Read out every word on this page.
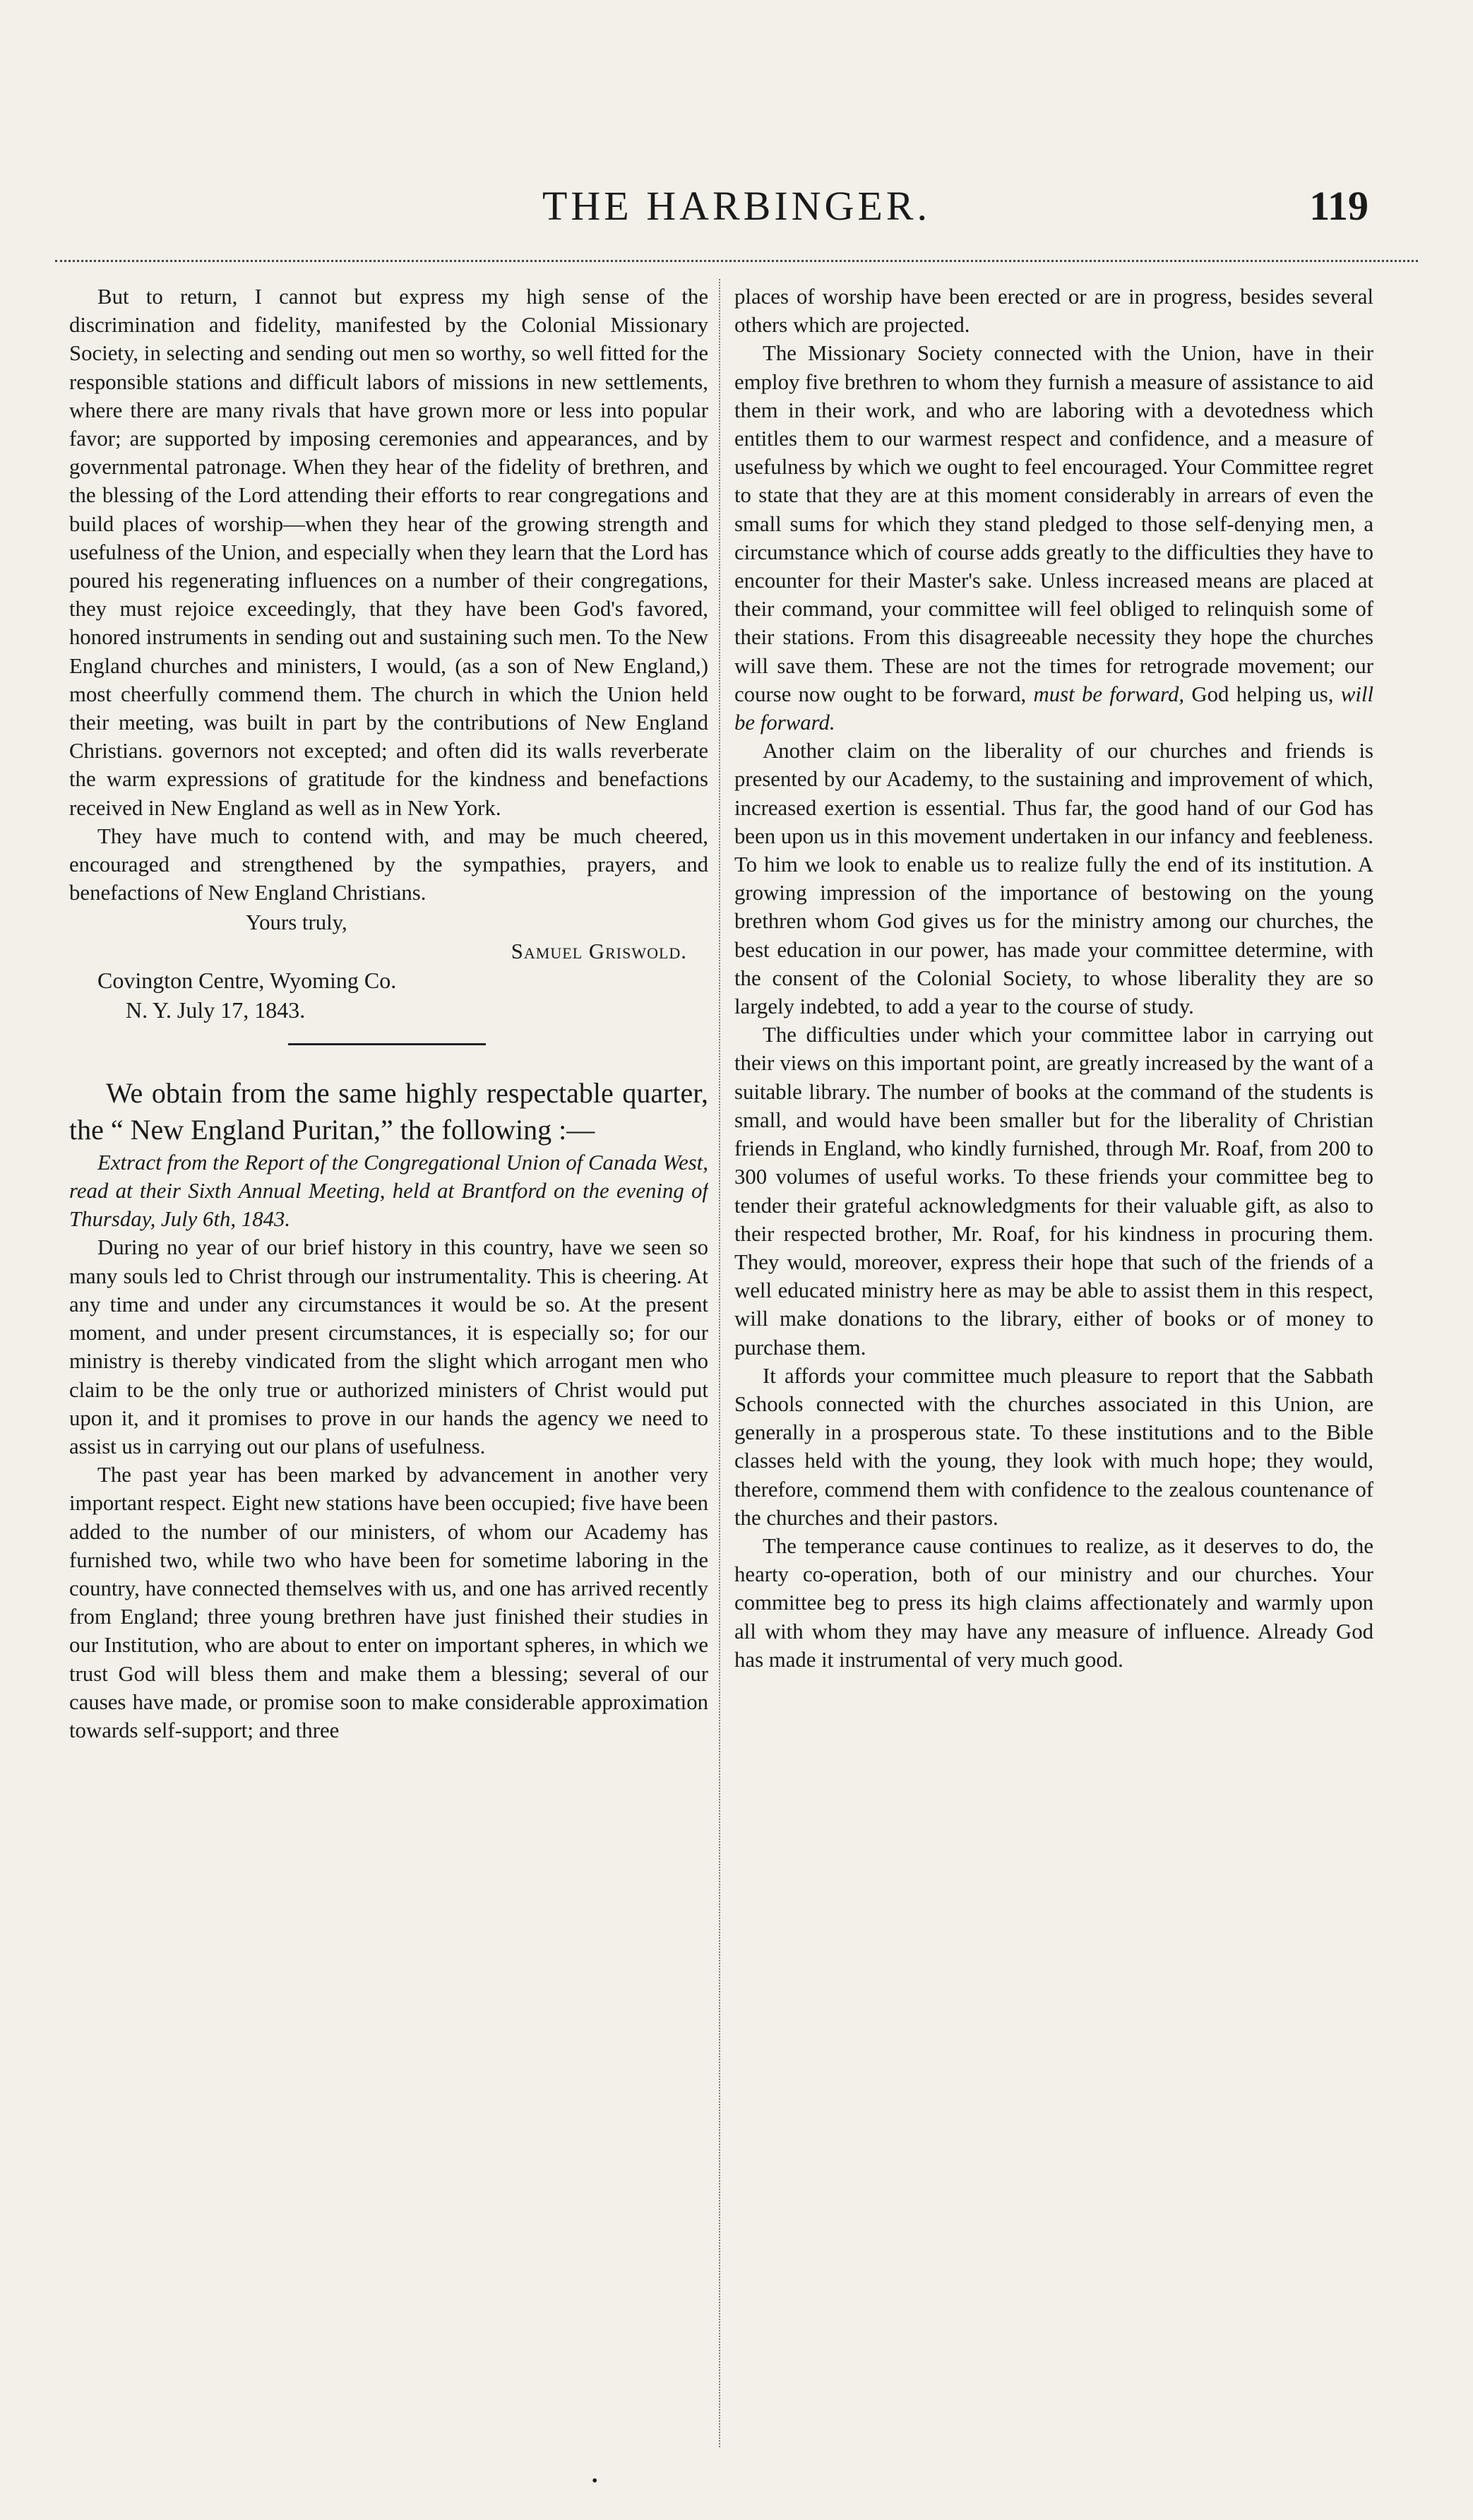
THE HARBINGER.	119

But to return, I cannot but express my high sense of the discrimination and fidelity, manifested by the Colonial Missionary Society, in selecting and sending out men so worthy, so well fitted for the responsible stations and difficult labors of missions in new settlements, where there are many rivals that have grown more or less into popular favor; are supported by imposing ceremonies and appearances, and by governmental patronage. When they hear of the fidelity of brethren, and the blessing of the Lord attending their efforts to rear congregations and build places of worship—when they hear of the growing strength and usefulness of the Union, and especially when they learn that the Lord has poured his regenerating influences on a number of their congregations, they must rejoice exceedingly, that they have been God's favored, honored instruments in sending out and sustaining such men. To the New England churches and ministers, I would, (as a son of New England,) most cheerfully commend them. The church in which the Union held their meeting, was built in part by the contributions of New England Christians. governors not excepted; and often did its walls reverberate the warm expressions of gratitude for the kindness and benefactions received in New England as well as in New York.

They have much to contend with, and may be much cheered, encouraged and strengthened by the sympathies, prayers, and benefactions of New England Christians.

Yours truly,

Samuel Griswold.

Covington Centre, Wyoming Co.

N. Y. July 17, 1843.

We obtain from the same highly respectable quarter, the “ New England Puritan,” the following :—

Extract from the Report of the Congregational Union of Canada West, read at their Sixth Annual Meeting, held at Brantford on the evening of Thursday, July 6th, 1843.

During no year of our brief history in this country, have we seen so many souls led to Christ through our instrumentality. This is cheering. At any time and under any circumstances it would be so. At the present moment, and under present circumstances, it is especially so; for our ministry is thereby vindicated from the slight which arrogant men who claim to be the only true or authorized ministers of Christ would put upon it, and it promises to prove in our hands the agency we need to assist us in carrying out our plans of usefulness.

The past year has been marked by advancement in another very important respect. Eight new stations have been occupied; five have been added to the number of our ministers, of whom our Academy has furnished two, while two who have been for sometime laboring in the country, have connected themselves with us, and one has arrived recently from England; three young brethren have just finished their studies in our Institution, who are about to enter on important spheres, in which we trust God will bless them and make them a blessing; several of our causes have made, or promise soon to make considerable approximation towards self-support; and three

places of worship have been erected or are in progress, besides several others which are projected.

The Missionary Society connected with the Union, have in their employ five brethren to whom they furnish a measure of assistance to aid them in their work, and who are laboring with a devotedness which entitles them to our warmest respect and confidence, and a measure of usefulness by which we ought to feel encouraged. Your Committee regret to state that they are at this moment considerably in arrears of even the small sums for which they stand pledged to those self-denying men, a circumstance which of course adds greatly to the difficulties they have to encounter for their Master's sake. Unless increased means are placed at their command, your committee will feel obliged to relinquish some of their stations. From this disagreeable necessity they hope the churches will save them. These are not the times for retrograde movement; our course now ought to be forward, must be forward, God helping us, will be forward.

Another claim on the liberality of our churches and friends is presented by our Academy, to the sustaining and improvement of which, increased exertion is essential. Thus far, the good hand of our God has been upon us in this movement undertaken in our infancy and feebleness. To him we look to enable us to realize fully the end of its institution. A growing impression of the importance of bestowing on the young brethren whom God gives us for the ministry among our churches, the best education in our power, has made your committee determine, with the consent of the Colonial Society, to whose liberality they are so largely indebted, to add a year to the course of study.

The difficulties under which your committee labor in carrying out their views on this important point, are greatly increased by the want of a suitable library. The number of books at the command of the students is small, and would have been smaller but for the liberality of Christian friends in England, who kindly furnished, through Mr. Roaf, from 200 to 300 volumes of useful works. To these friends your committee beg to tender their grateful acknowledgments for their valuable gift, as also to their respected brother, Mr. Roaf, for his kindness in procuring them. They would, moreover, express their hope that such of the friends of a well educated ministry here as may be able to assist them in this respect, will make donations to the library, either of books or of money to purchase them.

It affords your committee much pleasure to report that the Sabbath Schools connected with the churches associated in this Union, are generally in a prosperous state. To these institutions and to the Bible classes held with the young, they look with much hope; they would, therefore, commend them with confidence to the zealous countenance of the churches and their pastors.

The temperance cause continues to realize, as it deserves to do, the hearty co-operation, both of our ministry and our churches. Your committee beg to press its high claims affectionately and warmly upon all with whom they may have any measure of influence. Already God has made it instrumental of very much good.

•
